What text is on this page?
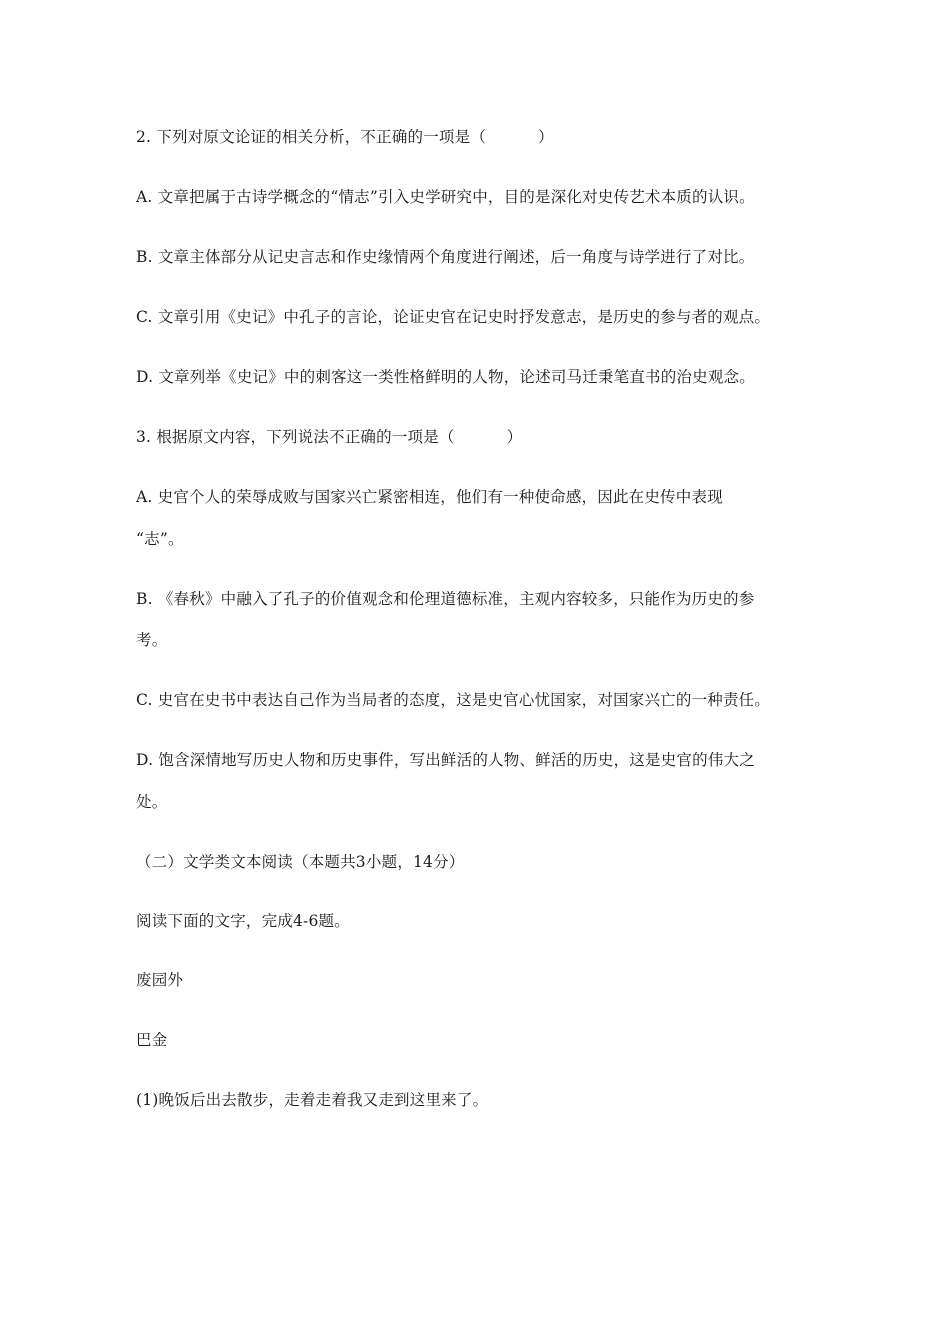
2. 下列对原文论证的相关分析，不正确的一项是（	）
A. 文章把属于古诗学概念的“情志”引入史学研究中，目的是深化对史传艺术本质的认识。
B. 文章主体部分从记史言志和作史缘情两个角度进行阐述，后一角度与诗学进行了对比。
C. 文章引用《史记》中孔子的言论，论证史官在记史时抒发意志，是历史的参与者的观点。
D. 文章列举《史记》中的刺客这一类性格鲜明的人物，论述司马迁秉笔直书的治史观念。
3. 根据原文内容，下列说法不正确的一项是（	）
A. 史官个人的荣辱成败与国家兴亡紧密相连，他们有一种使命感，因此在史传中表现
“志”。
B. 《春秋》中融入了孔子的价值观念和伦理道德标准，主观内容较多，只能作为历史的参
考。
C. 史官在史书中表达自己作为当局者的态度，这是史官心忧国家，对国家兴亡的一种责任。
D. 饱含深情地写历史人物和历史事件，写出鲜活的人物、鲜活的历史，这是史官的伟大之
处。
（二）文学类文本阅读（本题共3小题，14分）
阅读下面的文字，完成4-6题。
废园外
巴金
(1)晚饭后出去散步，走着走着我又走到这里来了。
